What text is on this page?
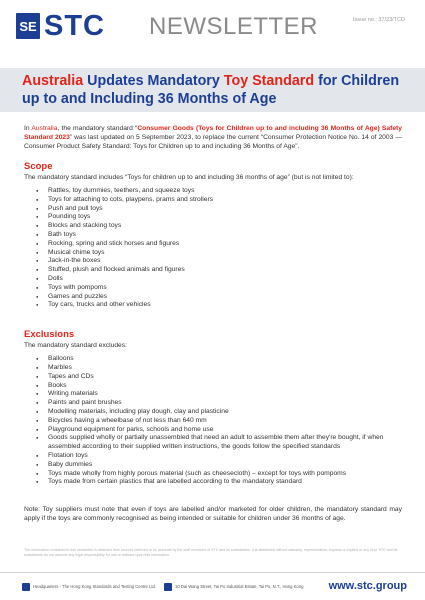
SE STC NEWSLETTER	Issue no.: 37/23/TCD
Australia Updates Mandatory Toy Standard for Children up to and Including 36 Months of Age

In Australia, the mandatory standard “Consumer Goods (Toys for Children up to and including 36 Months of Age) Safety Standard 2023” was last updated on 5 September 2023, to replace the current “Consumer Protection Notice No. 14 of 2003 — Consumer Product Safety Standard: Toys for Children up to and including 36 Months of Age”.

Scope
The mandatory standard includes “Toys for children up to and including 36 months of age” (but is not limited to):
● Rattles, toy dummies, teethers, and squeeze toys
● Toys for attaching to cots, playpens, prams and strollers
● Push and pull toys
● Pounding toys
● Blocks and stacking toys
● Bath toys
● Rocking, spring and stick horses and figures
● Musical chime toys
● Jack-in-the boxes
● Stuffed, plush and flocked animals and figures
● Dolls
● Toys with pompoms
● Games and puzzles
● Toy cars, trucks and other vehicles
Exclusions
The mandatory standard excludes:
● Balloons
● Marbles
● Tapes and CDs
● Books
● Writing materials
● Paints and paint brushes
● Modelling materials, including play dough, clay and plasticine
● Bicycles having a wheelbase of not less than 640 mm
● Playground equipment for parks, schools and home use
● Goods supplied wholly or partially unassembled that need an adult to assemble them after they're bought, if when assembled according to their supplied written instructions, the goods follow the specified standards
● Flotation toys
● Baby dummies
● Toys made wholly from highly porous material (such as cheesecloth) – except for toys with pompoms
● Toys made from certain plastics that are labelled according to the mandatory standard
Note: Toy suppliers must note that even if toys are labelled and/or marketed for older children, the mandatory standard may apply if the toys are commonly recognised as being intended or suitable for children under 36 months of age.
The information contained in this newsletter is obtained from sources believed to be accurate by the staff members of STC and its subsidiaries. It is distributed without warranty, representation, express or implied or any kind. STC and its subsidiaries do not assume any legal responsibility for use or reliance upon this information.
Headquarters - The Hong Kong Standards and Testing Centre Ltd.	10 Dai Wang Street, Tai Po Industrial Estate, Tai Po, N.T., Hong Kong www.stc.group
